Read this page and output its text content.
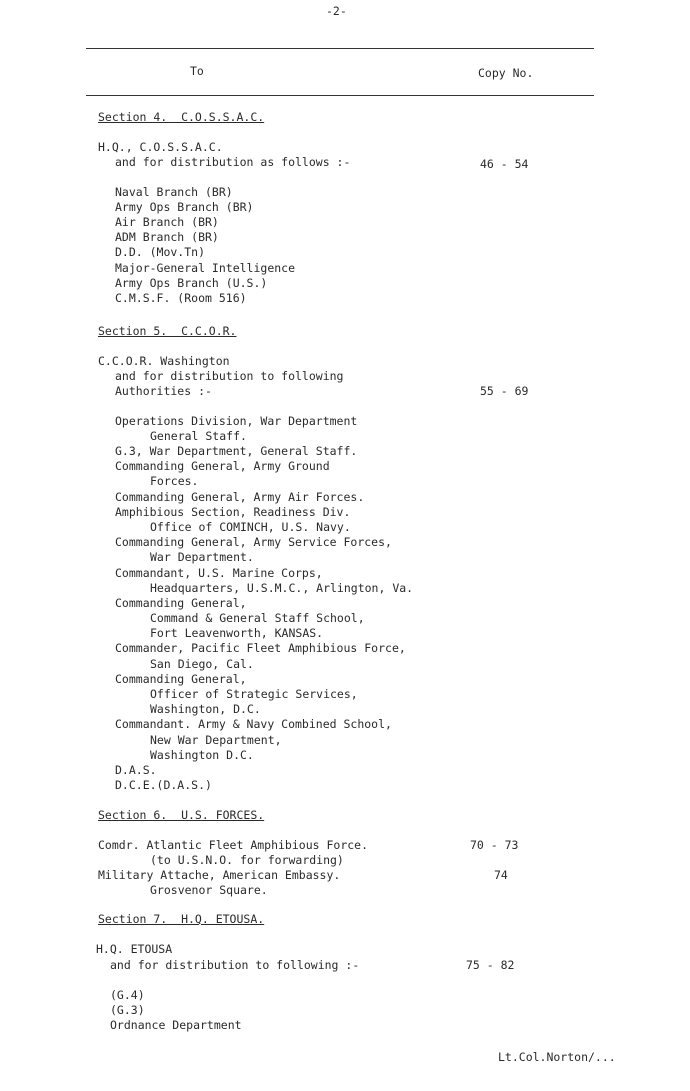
-2-
To	Copy No.
Section 4.  C.O.S.S.A.C.
H.Q., C.O.S.S.A.C.
and for distribution as follows :-	46 - 54
Naval Branch (BR)
Army Ops Branch (BR)
Air Branch (BR)
ADM Branch (BR)
D.D. (Mov.Tn)
Major-General Intelligence
Army Ops Branch (U.S.)
C.M.S.F. (Room 516)
Section 5.  C.C.O.R.
C.C.O.R. Washington
and for distribution to following
Authorities :-	55 - 69
Operations Division, War Department
General Staff.
G.3, War Department, General Staff.
Commanding General, Army Ground
Forces.
Commanding General, Army Air Forces.
Amphibious Section, Readiness Div.
Office of COMINCH, U.S. Navy.
Commanding General, Army Service Forces,
War Department.
Commandant, U.S. Marine Corps,
Headquarters, U.S.M.C., Arlington, Va.
Commanding General,
Command & General Staff School,
Fort Leavenworth, KANSAS.
Commander, Pacific Fleet Amphibious Force,
San Diego, Cal.
Commanding General,
Officer of Strategic Services,
Washington, D.C.
Commandant. Army & Navy Combined School,
New War Department,
Washington D.C.
D.A.S.
D.C.E.(D.A.S.)
Section 6.  U.S. FORCES.
Comdr. Atlantic Fleet Amphibious Force.	70 - 73
(to U.S.N.O. for forwarding)
Military Attache, American Embassy.	74
Grosvenor Square.
Section 7.  H.Q. ETOUSA.
H.Q. ETOUSA
and for distribution to following :-	75 - 82
(G.4)
(G.3)
Ordnance Department
Lt.Col.Norton/...
